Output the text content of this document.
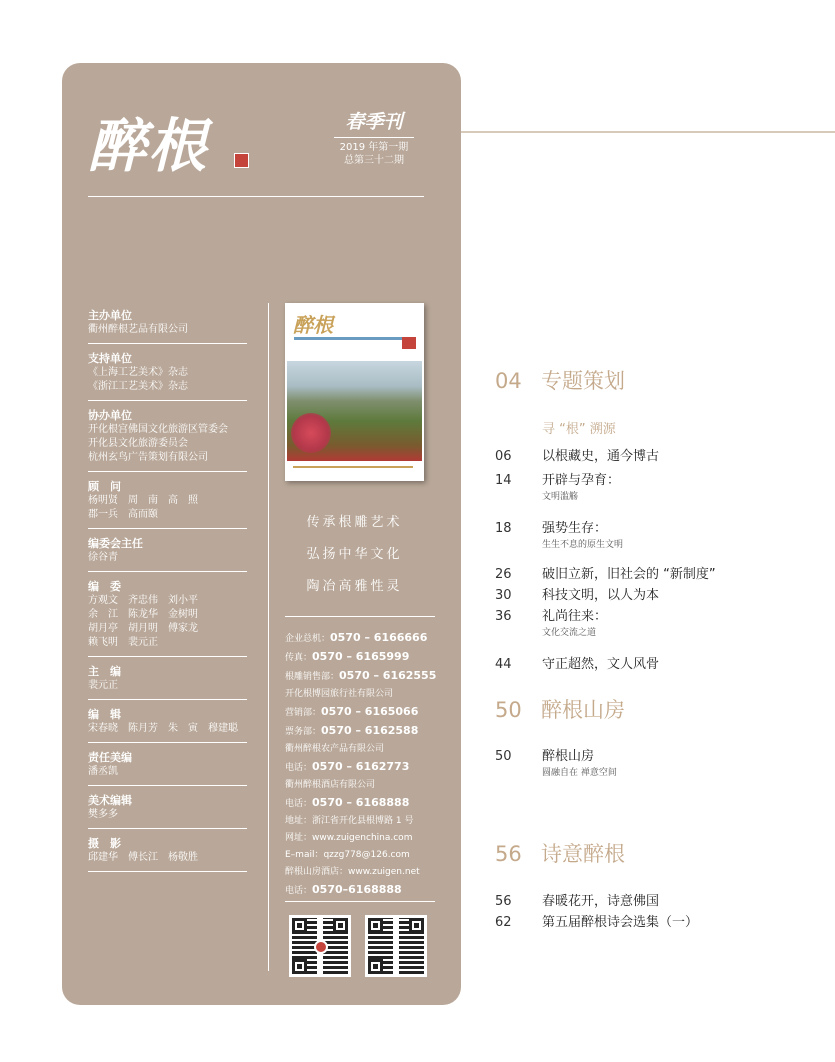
醉根	春季刊
2019 年第一期
总第三十二期
主办单位
衢州醉根艺品有限公司
支持单位
《上海工艺美术》杂志
《浙江工艺美术》杂志
协办单位
开化根宫佛国文化旅游区管委会
开化县文化旅游委员会
杭州玄鸟广告策划有限公司
顾　问
杨明贤　周　南　高　照
郡一兵　高而颐
编委会主任
徐谷青
编　委
方观文　齐忠伟　刘小平
余　江　陈龙华　金树明
胡月亭　胡月明　傅家龙
赖飞明　裴元正
主　编
裴元正
编　辑
宋春晓　陈月芳　朱　寅　穆建聪
责任美编
潘丞凯
美术编辑
樊多多
摄　影
邱建华　傅长江　杨敬胜
醉根
传承根雕艺术
弘扬中华文化
陶冶高雅性灵
企业总机：0570 – 6166666
传真：0570 – 6165999
根雕销售部：0570 – 6162555
开化根博园旅行社有限公司
营销部：0570 – 6165066
票务部：0570 – 6162588
衢州醉根农产品有限公司
电话：0570 – 6162773
衢州醉根酒店有限公司
电话：0570 – 6168888
地址：浙江省开化县根博路 1 号
网址：www.zuigenchina.com
E–mail：qzzg778@126.com
醉根山房酒店：www.zuigen.net
电话：0570–6168888
04 专题策划
寻 “根” 溯源
06 以根藏史，通今博古
14 开辟与孕育：
文明滥觞
18 强势生存：
生生不息的原生文明
26 破旧立新，旧社会的 “新制度”
30 科技文明，以人为本
36 礼尚往来：
文化交流之道
44 守正超然，文人风骨
50 醉根山房
50 醉根山房
圆融自在 禅意空间
56 诗意醉根
56 春暖花开，诗意佛国
62 第五届醉根诗会选集（一）
